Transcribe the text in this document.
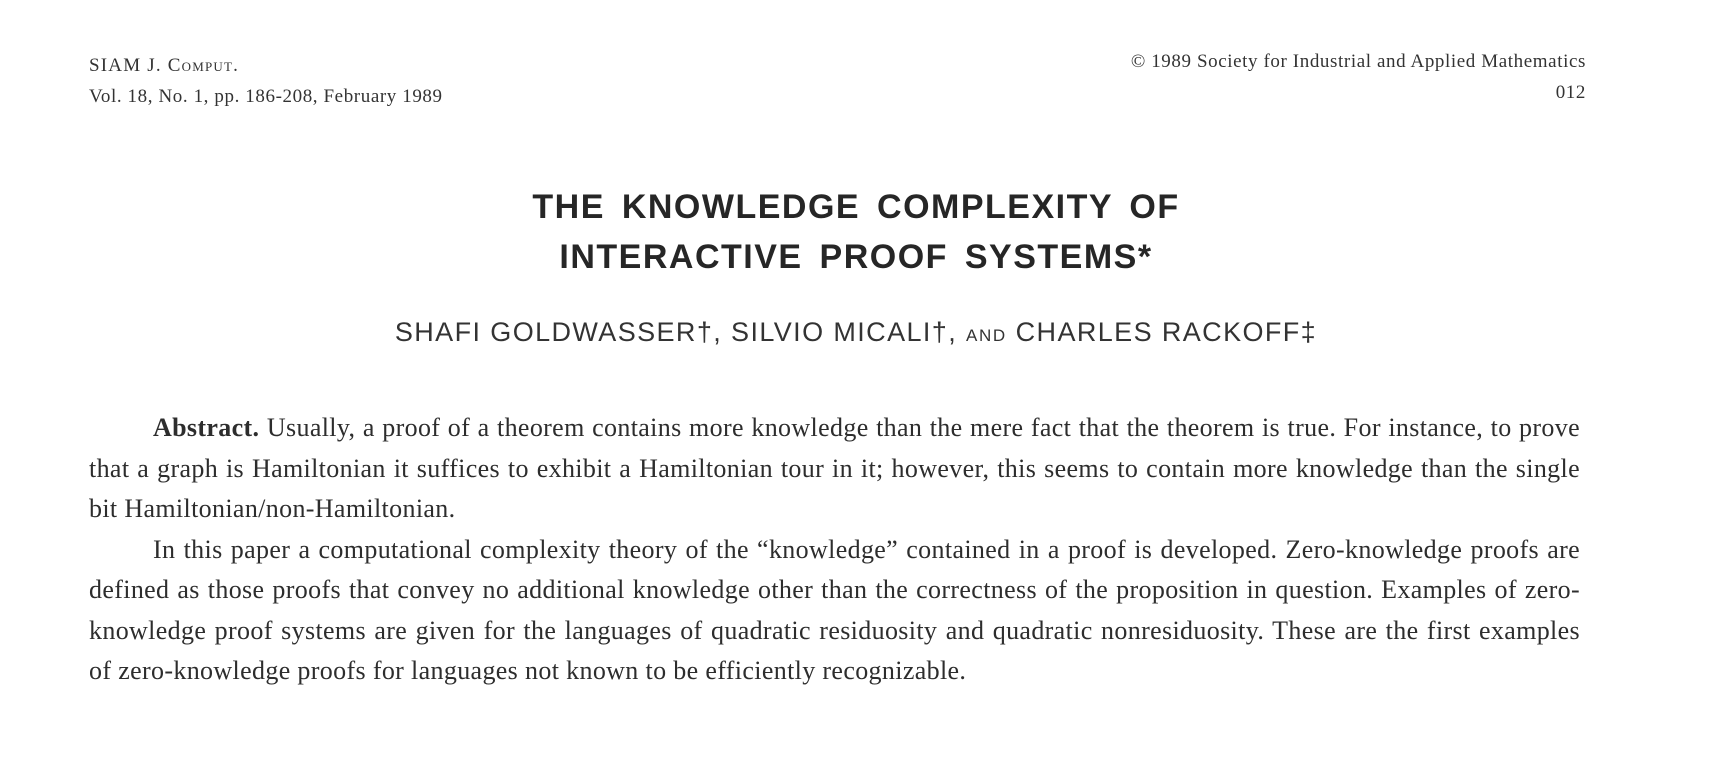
SIAM J. Comput.
Vol. 18, No. 1, pp. 186-208, February 1989
© 1989 Society for Industrial and Applied Mathematics
012
THE KNOWLEDGE COMPLEXITY OF
INTERACTIVE PROOF SYSTEMS*
SHAFI GOLDWASSER†, SILVIO MICALI†, and CHARLES RACKOFF‡

Abstract. Usually, a proof of a theorem contains more knowledge than the mere fact that the theorem is true. For instance, to prove that a graph is Hamiltonian it suffices to exhibit a Hamiltonian tour in it; however, this seems to contain more knowledge than the single bit Hamiltonian/non-Hamiltonian.

In this paper a computational complexity theory of the “knowledge” contained in a proof is developed. Zero-knowledge proofs are defined as those proofs that convey no additional knowledge other than the correctness of the proposition in question. Examples of zero-knowledge proof systems are given for the languages of quadratic residuosity and quadratic nonresiduosity. These are the first examples of zero-knowledge proofs for languages not known to be efficiently recognizable.
